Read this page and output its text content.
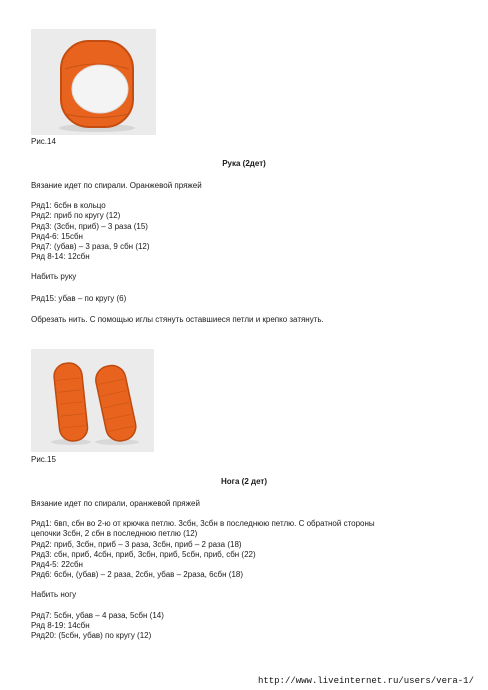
Рис.14
Рука (2дет)
Вязание идет по спирали. Оранжевой пряжей
Ряд1: 6сбн в кольцо
Ряд2: приб по кругу (12)
Ряд3: (3сбн, приб) – 3 раза (15)
Ряд4-6: 15сбн
Ряд7: (убав) – 3 раза, 9 сбн (12)
Ряд 8-14: 12сбн
Набить руку
Ряд15: убав – по кругу (6)
Обрезать нить. С помощью иглы стянуть оставшиеся петли и крепко затянуть.
Рис.15
Нога (2 дет)
Вязание идет по спирали, оранжевой пряжей
Ряд1: 6вп, сбн во 2-ю от крючка петлю. 3сбн, 3сбн в последнюю петлю. С обратной стороны
цепочки 3сбн, 2 сбн в последнюю петлю (12)
Ряд2: приб, 3сбн, приб – 3 раза, 3сбн, приб – 2 раза (18)
Ряд3: сбн, приб, 4сбн, приб, 3сбн, приб, 5сбн, приб, сбн (22)
Ряд4-5: 22сбн
Ряд6: 6сбн, (убав) – 2 раза, 2сбн, убав – 2раза, 6сбн (18)
Набить ногу
Ряд7: 5сбн, убав – 4 раза, 5сбн (14)
Ряд 8-19: 14сбн
Ряд20: (5сбн, убав) по кругу (12)
http://www.liveinternet.ru/users/vera-1/
